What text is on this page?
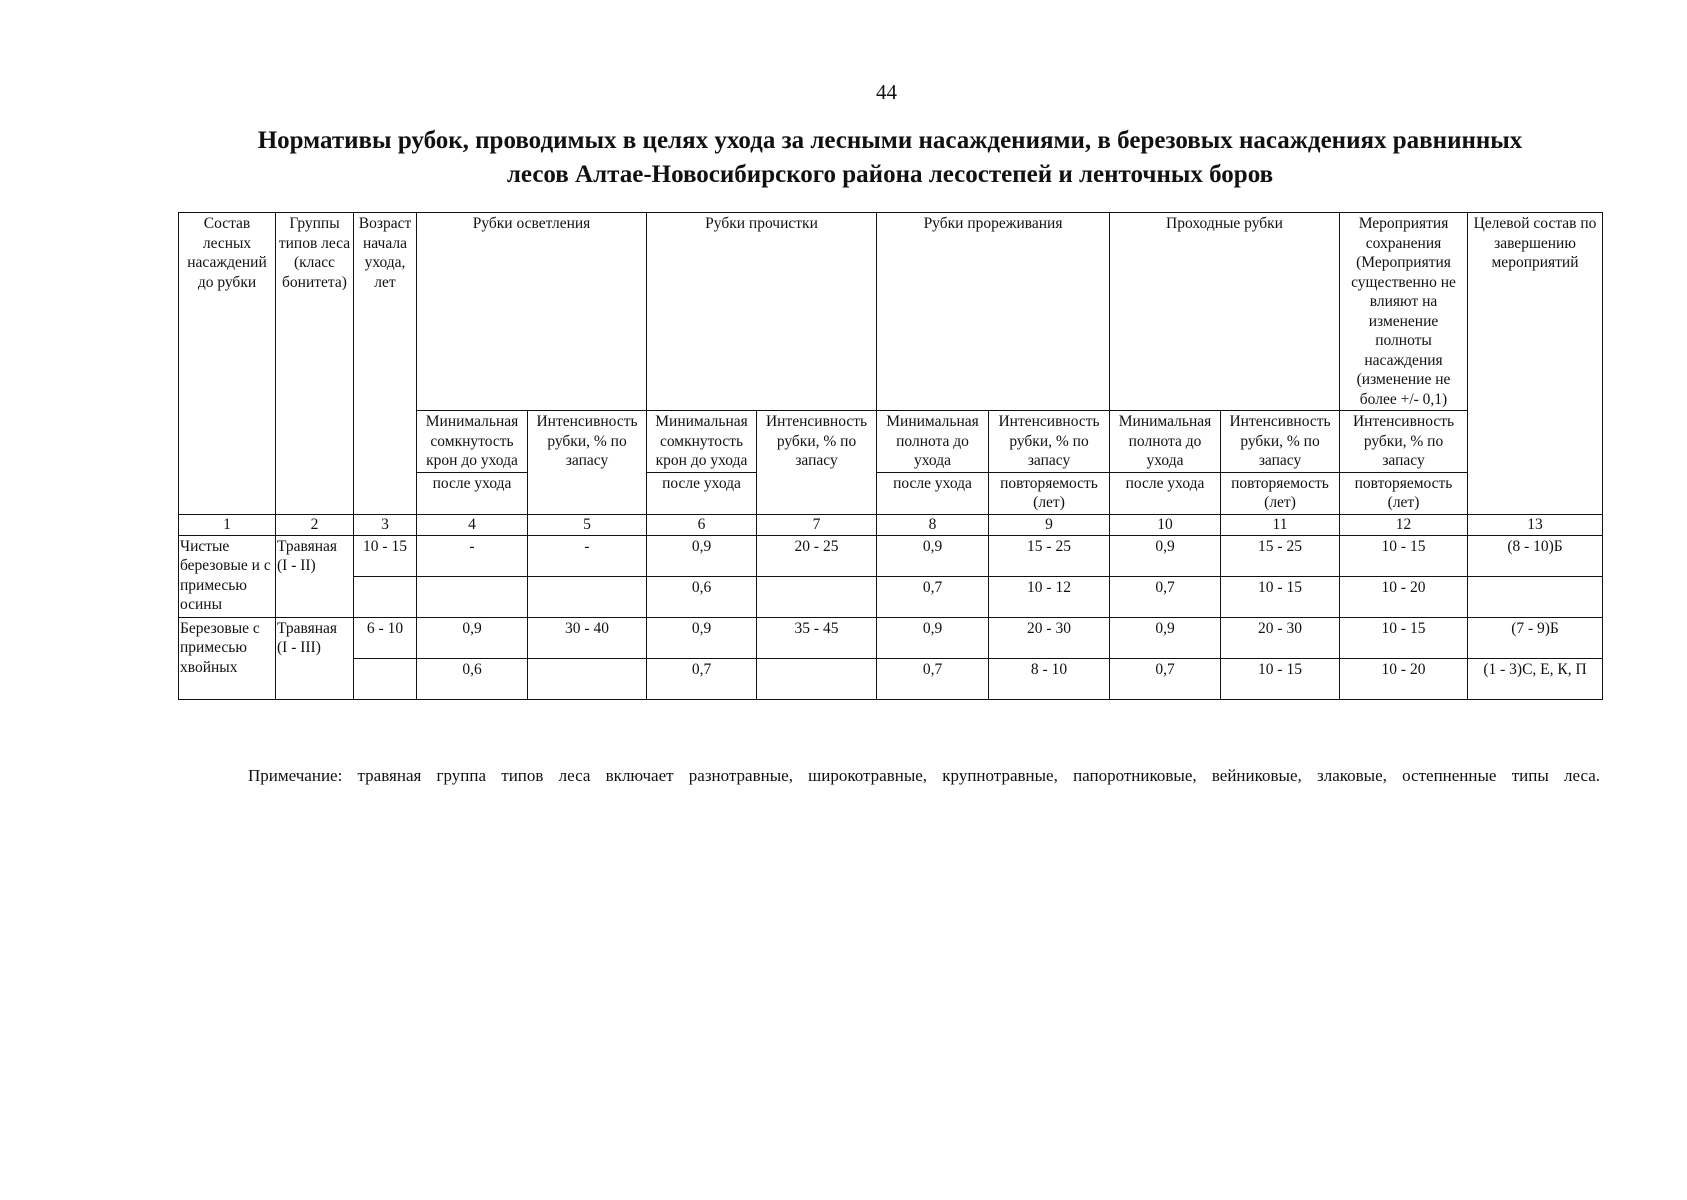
44
Нормативы рубок, проводимых в целях ухода за лесными насаждениями, в березовых насаждениях равнинных
лесов Алтае-Новосибирского района лесостепей и ленточных боров
Состав лесных насаждений до рубки	Группы типов леса (класс бонитета)	Возраст начала ухода, лет	Рубки осветления		Рубки прочистки		Рубки прореживания		Проходные рубки		Мероприятия сохранения (Мероприятия существенно не влияют на изменение полноты насаждения (изменение не более +/- 0,1)	Целевой состав по завершению мероприятий
			Минимальная сомкнутость крон до ухода	Интенсивность рубки, % по запасу	Минимальная сомкнутость крон до ухода	Интенсивность рубки, % по запасу	Минимальная полнота до ухода	Интенсивность рубки, % по запасу	Минимальная полнота до ухода	Интенсивность рубки, % по запасу	Интенсивность рубки, % по запасу	
			после ухода		после ухода		после ухода	повторяемость (лет)	после ухода	повторяемость (лет)	повторяемость (лет)	
1	2	3	4	5	6	7	8	9	10	11	12	13
Чистые березовые и с примесью осины	Травяная (I - II)	10 - 15	-	-	0,9	20 - 25	0,9	15 - 25	0,9	15 - 25	10 - 15	(8 - 10)Б
					0,6		0,7	10 - 12	0,7	10 - 15	10 - 20	
Березовые с примесью хвойных	Травяная (I - III)	6 - 10	0,9	30 - 40	0,9	35 - 45	0,9	20 - 30	0,9	20 - 30	10 - 15	(7 - 9)Б
			0,6		0,7		0,7	8 - 10	0,7	10 - 15	10 - 20	(1 - 3)С, Е, К, П

Примечание: травяная группа типов леса включает разнотравные, широкотравные, крупнотравные, папоротниковые, вейниковые, злаковые, остепненные типы леса.
